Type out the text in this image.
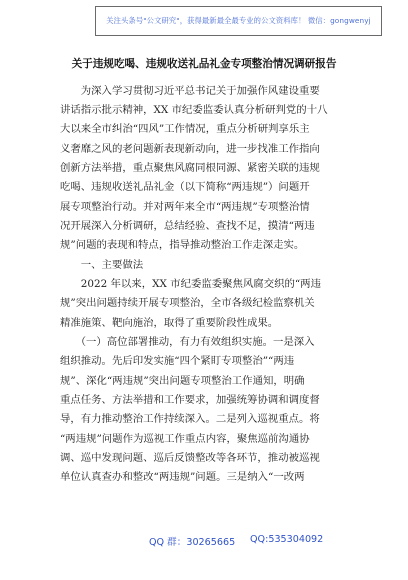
关注头条号"公文研究"，获得最新最全最专业的公文资料库！ 微信：gongwenyj
关于违规吃喝、违规收送礼品礼金专项整治情况调研报告
　　为深入学习贯彻习近平总书记关于加强作风建设重要
讲话指示批示精神，XX 市纪委监委认真分析研判党的十八
大以来全市纠治“四风”工作情况，重点分析研判享乐主
义奢靡之风的老问题新表现新动向，进一步找准工作指向
创新方法举措，重点聚焦风腐同根同源、紧密关联的违规
吃喝、违规收送礼品礼金（以下简称“两违规”）问题开
展专项整治行动。并对两年来全市“两违规”专项整治情
况开展深入分析调研，总结经验、查找不足，摸清“两违
规”问题的表现和特点，指导推动整治工作走深走实。
　　一、主要做法
　　2022 年以来，XX 市纪委监委聚焦风腐交织的“两违
规”突出问题持续开展专项整治，全市各级纪检监察机关
精准施策、靶向施治，取得了重要阶段性成果。
　　（一）高位部署推动，有力有效组织实施。一是深入
组织推动。先后印发实施“四个紧盯专项整治”“两违
规”、深化“两违规”突出问题专项整治工作通知，明确
重点任务、方法举措和工作要求，加强统筹协调和调度督
导，有力推动整治工作持续深入。二是列入巡视重点。将
“两违规”问题作为巡视工作重点内容，聚焦巡前沟通协
调、巡中发现问题、巡后反馈整改等各环节，推动被巡视
单位认真查办和整改“两违规”问题。三是纳入“一改两
QQ 群：30265665 QQ:535304092
